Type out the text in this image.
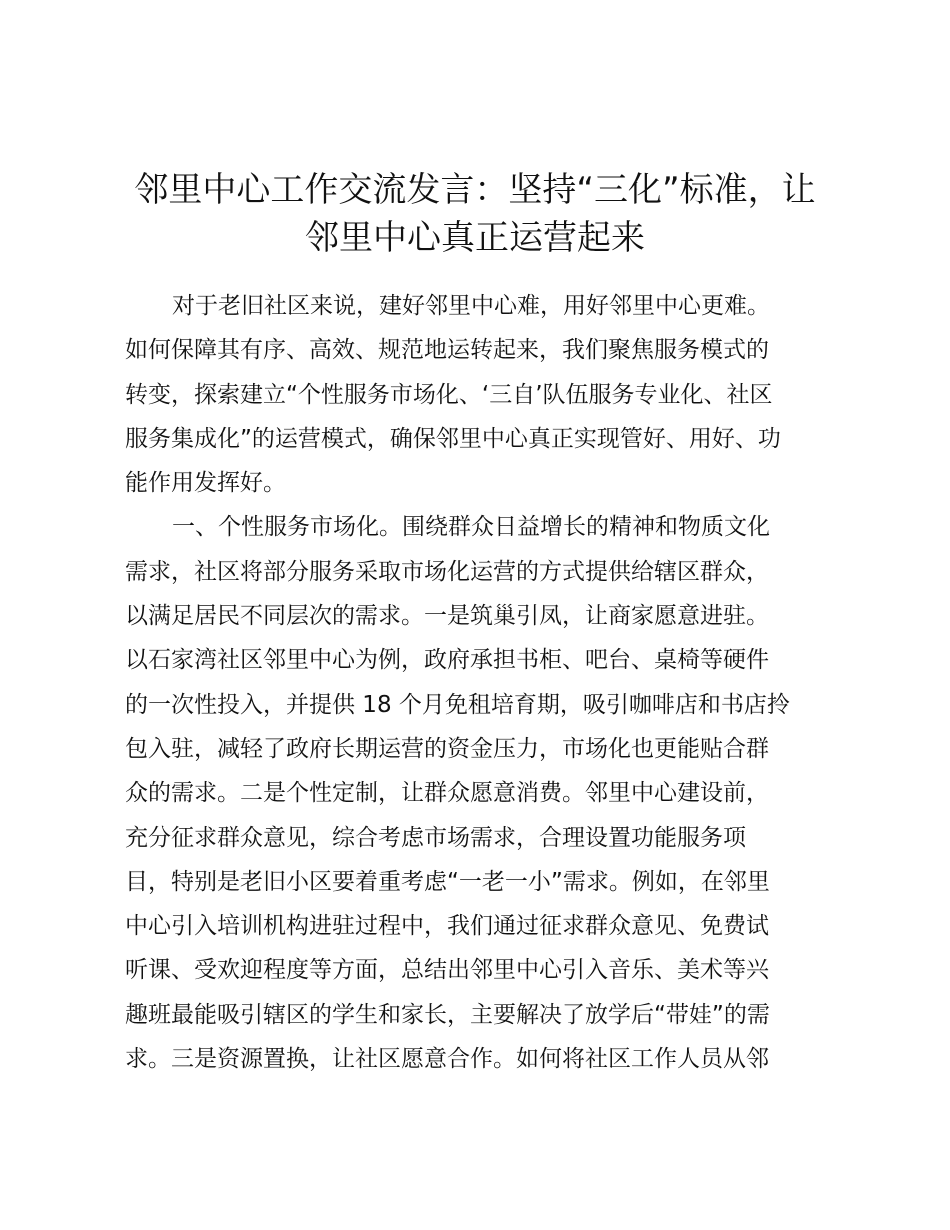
邻里中心工作交流发言：坚持“三化”标准，让
邻里中心真正运营起来
对于老旧社区来说，建好邻里中心难，用好邻里中心更难。
如何保障其有序、高效、规范地运转起来，我们聚焦服务模式的
转变，探索建立“个性服务市场化、‘三自’队伍服务专业化、社区
服务集成化”的运营模式，确保邻里中心真正实现管好、用好、功
能作用发挥好。
一、个性服务市场化。围绕群众日益增长的精神和物质文化
需求，社区将部分服务采取市场化运营的方式提供给辖区群众，
以满足居民不同层次的需求。一是筑巢引凤，让商家愿意进驻。
以石家湾社区邻里中心为例，政府承担书柜、吧台、桌椅等硬件
的一次性投入，并提供 18 个月免租培育期，吸引咖啡店和书店拎
包入驻，减轻了政府长期运营的资金压力，市场化也更能贴合群
众的需求。二是个性定制，让群众愿意消费。邻里中心建设前，
充分征求群众意见，综合考虑市场需求，合理设置功能服务项
目，特别是老旧小区要着重考虑“一老一小”需求。例如，在邻里
中心引入培训机构进驻过程中，我们通过征求群众意见、免费试
听课、受欢迎程度等方面，总结出邻里中心引入音乐、美术等兴
趣班最能吸引辖区的学生和家长，主要解决了放学后“带娃”的需
求。三是资源置换，让社区愿意合作。如何将社区工作人员从邻
